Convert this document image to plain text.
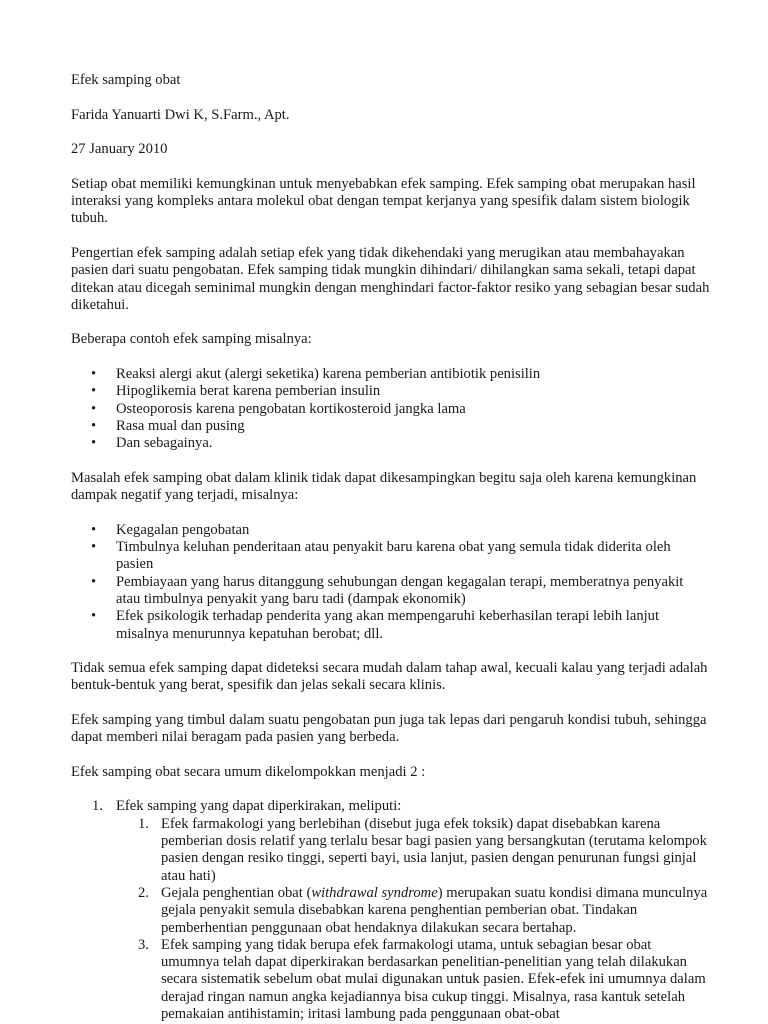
Efek samping obat

Farida Yanuarti Dwi K, S.Farm., Apt.

27 January 2010

Setiap obat memiliki kemungkinan untuk menyebabkan efek samping. Efek samping obat merupakan hasil interaksi yang kompleks antara molekul obat dengan tempat kerjanya yang spesifik dalam sistem biologik tubuh.

Pengertian efek samping adalah setiap efek yang tidak dikehendaki yang merugikan atau membahayakan pasien dari suatu pengobatan. Efek samping tidak mungkin dihindari/ dihilangkan sama sekali, tetapi dapat ditekan atau dicegah seminimal mungkin dengan menghindari factor-faktor resiko yang sebagian besar sudah diketahui.

Beberapa contoh efek samping misalnya:

• Reaksi alergi akut (alergi seketika) karena pemberian antibiotik penisilin
• Hipoglikemia berat karena pemberian insulin
• Osteoporosis karena pengobatan kortikosteroid jangka lama
• Rasa mual dan pusing
• Dan sebagainya.

Masalah efek samping obat dalam klinik tidak dapat dikesampingkan begitu saja oleh karena kemungkinan dampak negatif yang terjadi, misalnya:

• Kegagalan pengobatan
• Timbulnya keluhan penderitaan atau penyakit baru karena obat yang semula tidak diderita oleh pasien
• Pembiayaan yang harus ditanggung sehubungan dengan kegagalan terapi, memberatnya penyakit atau timbulnya penyakit yang baru tadi (dampak ekonomik)
• Efek psikologik terhadap penderita yang akan mempengaruhi keberhasilan terapi lebih lanjut misalnya menurunnya kepatuhan berobat; dll.

Tidak semua efek samping dapat dideteksi secara mudah dalam tahap awal, kecuali kalau yang terjadi adalah bentuk-bentuk yang berat, spesifik dan jelas sekali secara klinis.

Efek samping yang timbul dalam suatu pengobatan pun juga tak lepas dari pengaruh kondisi tubuh, sehingga dapat memberi nilai beragam pada pasien yang berbeda.

Efek samping obat secara umum dikelompokkan menjadi 2 :

1. Efek samping yang dapat diperkirakan, meliputi:
1. Efek farmakologi yang berlebihan (disebut juga efek toksik) dapat disebabkan karena pemberian dosis relatif yang terlalu besar bagi pasien yang bersangkutan (terutama kelompok pasien dengan resiko tinggi, seperti bayi, usia lanjut, pasien dengan penurunan fungsi ginjal atau hati)
2. Gejala penghentian obat (withdrawal syndrome) merupakan suatu kondisi dimana munculnya gejala penyakit semula disebabkan karena penghentian pemberian obat. Tindakan pemberhentian penggunaan obat hendaknya dilakukan secara bertahap.
3. Efek samping yang tidak berupa efek farmakologi utama, untuk sebagian besar obat umumnya telah dapat diperkirakan berdasarkan penelitian-penelitian yang telah dilakukan secara sistematik sebelum obat mulai digunakan untuk pasien. Efek-efek ini umumnya dalam derajad ringan namun angka kejadiannya bisa cukup tinggi. Misalnya, rasa kantuk setelah pemakaian antihistamin; iritasi lambung pada penggunaan obat-obat
